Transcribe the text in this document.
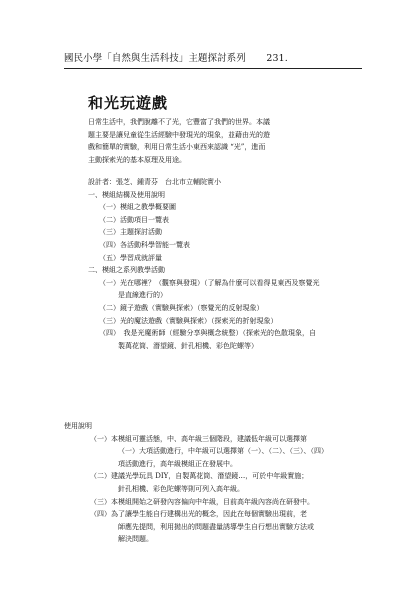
國民小學「自然與生活科技」主題探討系列 231.
和光玩遊戲

日常生活中，我們脫離不了光，它豐富了我們的世界。本議

題主要是讓兒童從生活經驗中發現光的現象，並藉由光的遊

戲和簡單的實驗，利用日常生活小東西來認識 “光”，進而

主動探索光的基本原理及用途。

設計者：張芝、鍾青芬　台北市立輔院實小
一、模組結構及使用說明
（一）模組之教學概要圖
（二）活動項目一覽表
（三）主題探討活動
（四）各活動科學智能一覽表
（五）學習成就評量
二、模組之系列教學活動
（一）光在哪裡？（觀察與發現）（了解為什麼可以看得見東西及察覺光
是直線進行的）
（二）鏡子遊戲（實驗與探索）（察覺光的反射現象）
（三）光的魔法遊戲（實驗與探索）（探索光的折射現象）
（四）　我是光魔術師（經驗分享與概念統整）（探索光的色散現象，自
製萬花筒、潛望鏡、針孔相機、彩色陀螺等）
使用說明
（一）本模組可靈活態，中、高年級三個階段，建議低年級可以選擇第
（一）大項活動進行，中年級可以選擇第（一）、（二）、（三）、（四）
項活動進行，高年級模組正在發展中。
（二）建議光學玩具 DIY，自製萬花筒、潛望鏡…，可於中年級實施；
針孔相機、彩色陀螺等則可列入高年級。
（三）本模組開始之研發內容偏向中年級，目前高年級內容尚在研發中。
（四）為了讓學生能自行建構出光的概念，因此在每個實驗出現前，老
師應先提問，利用拋出的問題盡量誘導學生自行想出實驗方法或
解決問題。
